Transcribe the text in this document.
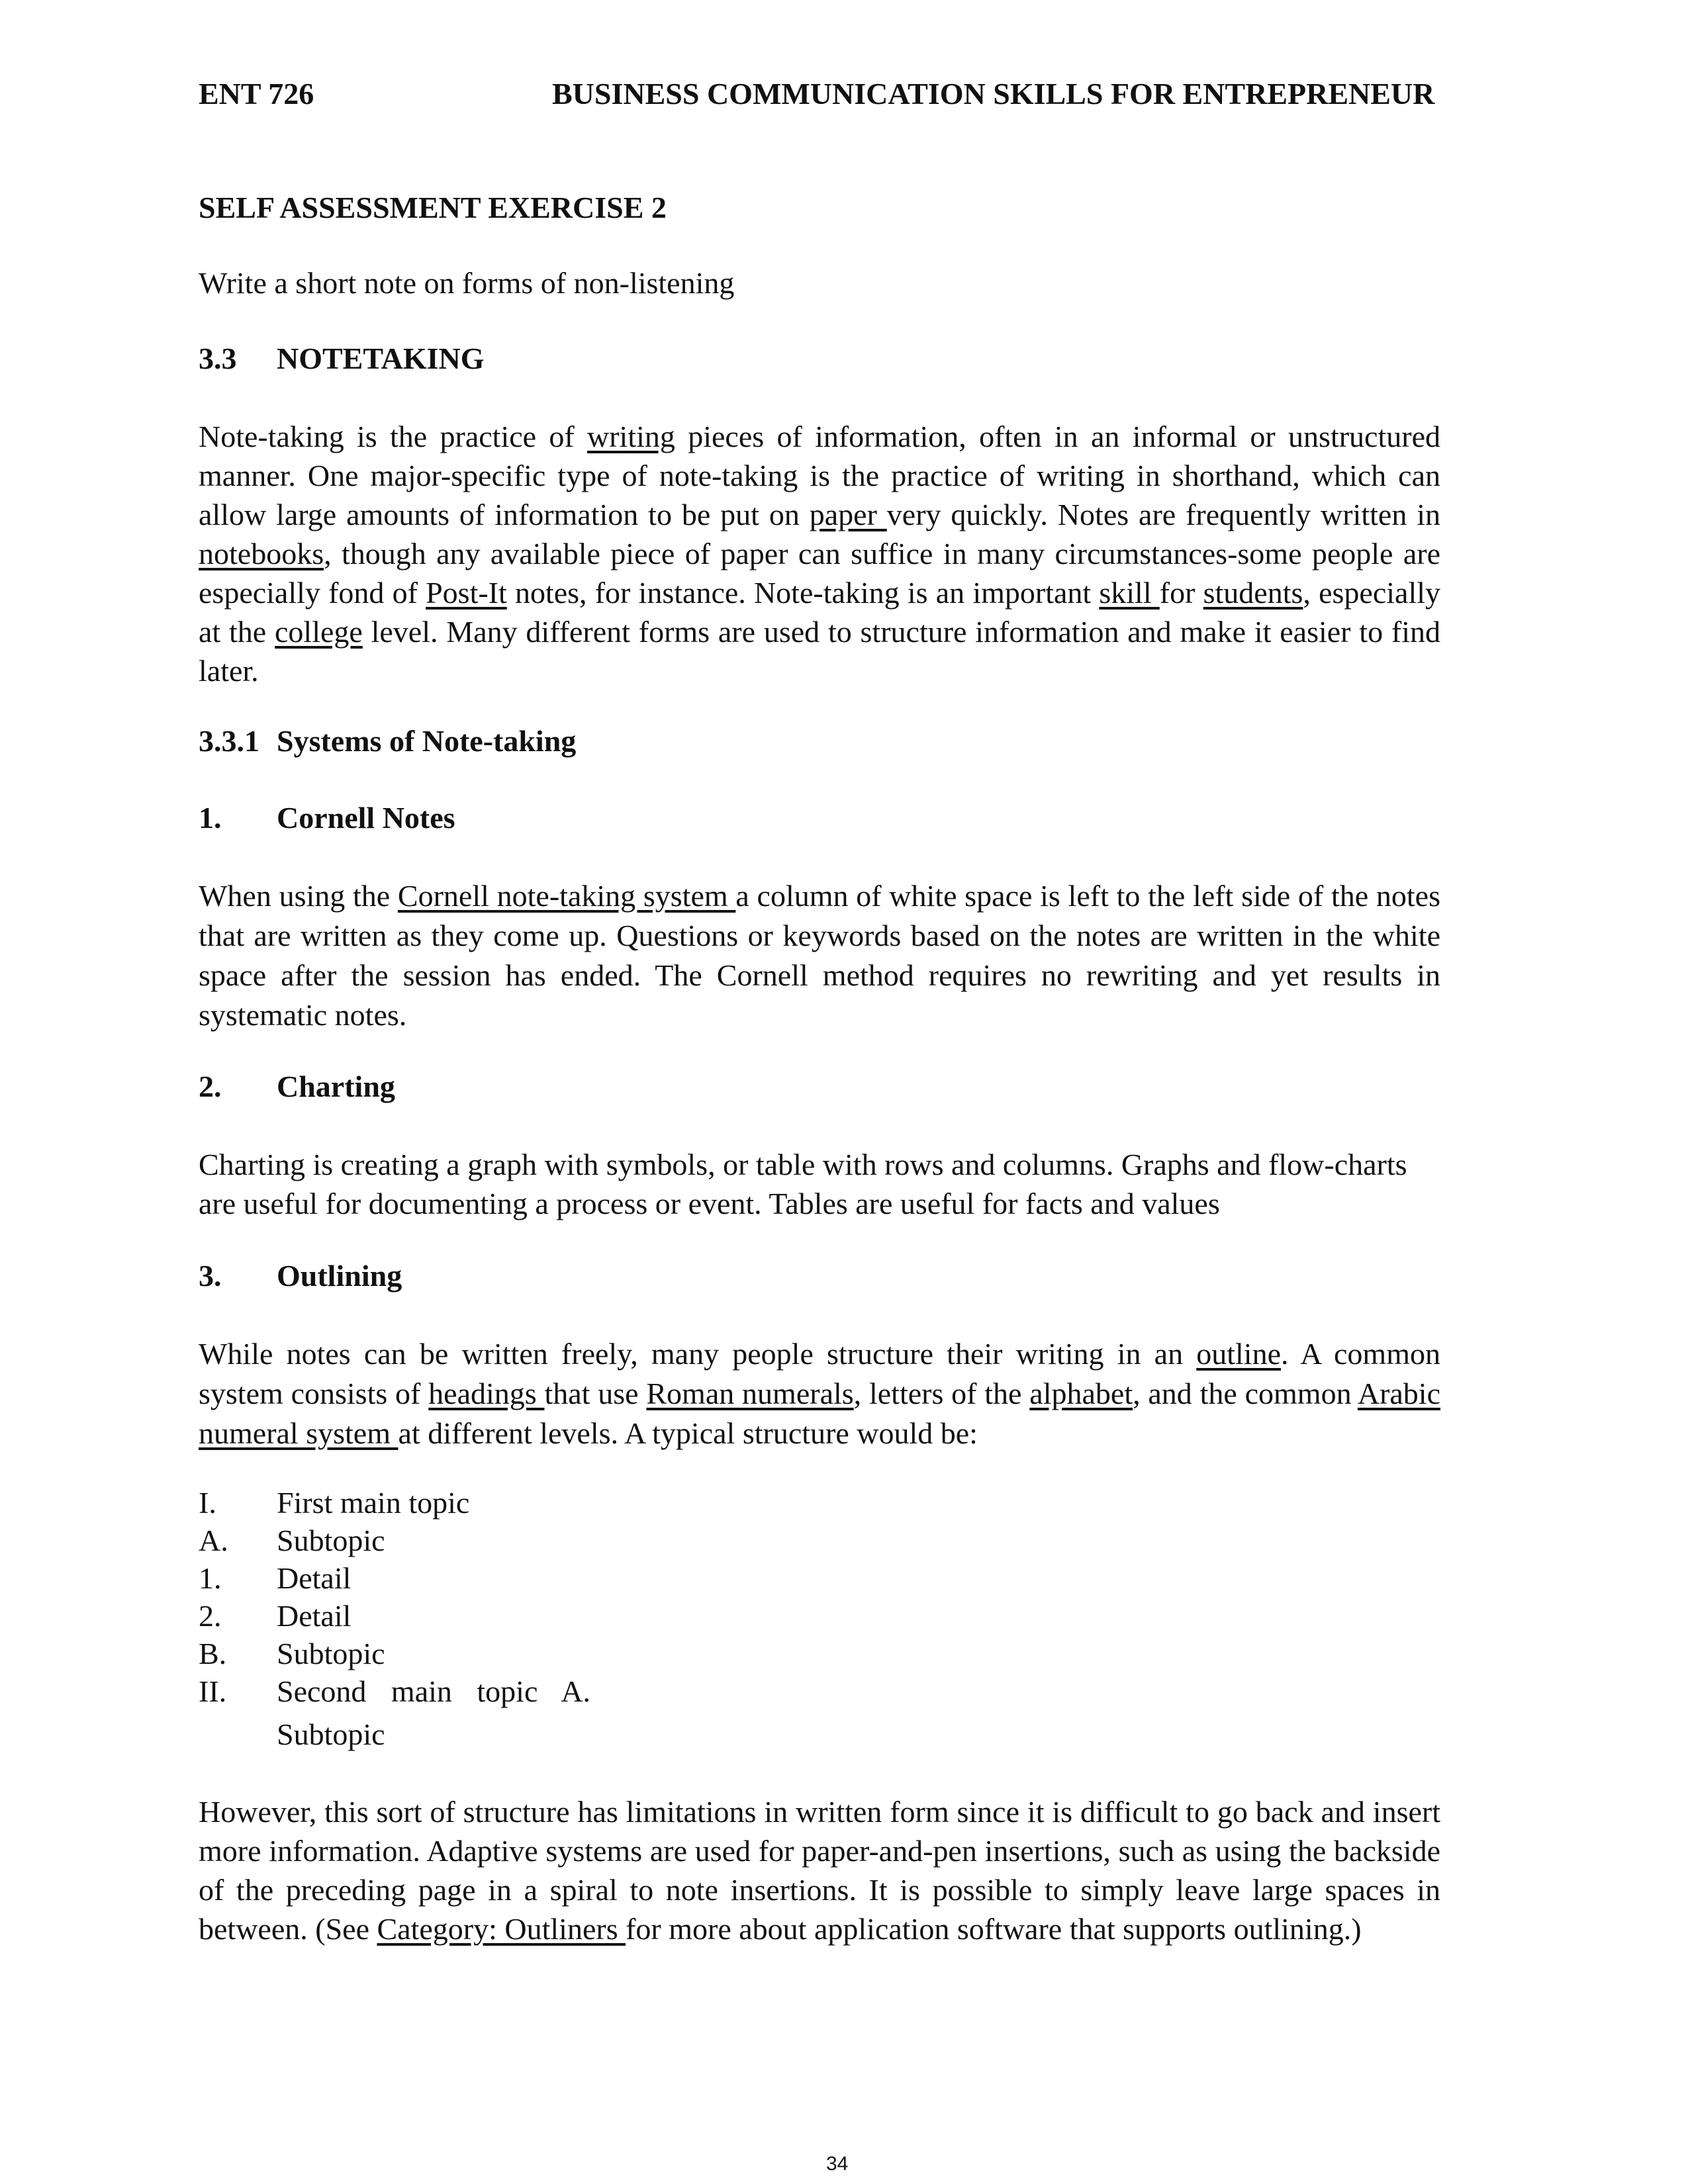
ENT 726	BUSINESS COMMUNICATION SKILLS FOR ENTREPRENEUR
SELF ASSESSMENT EXERCISE 2
Write a short note on forms of non-listening
3.3 NOTETAKING

Note-taking is the practice of writing pieces of information, often in an informal or unstructured manner. One major-specific type of note-taking is the practice of writing in shorthand, which can allow large amounts of information to be put on paper very quickly. Notes are frequently written in notebooks, though any available piece of paper can suffice in many circumstances-some people are especially fond of Post-It notes, for instance. Note-taking is an important skill for students, especially at the college level. Many different forms are used to structure information and make it easier to find later.

3.3.1 Systems of Note-taking
1. Cornell Notes

When using the Cornell note-taking system a column of white space is left to the left side of the notes that are written as they come up. Questions or keywords based on the notes are written in the white space after the session has ended. The Cornell method requires no rewriting and yet results in systematic notes.

2. Charting

Charting is creating a graph with symbols, or table with rows and columns. Graphs and flow-charts are useful for documenting a process or event. Tables are useful for facts and values

3. Outlining

While notes can be written freely, many people structure their writing in an outline. A common system consists of headings that use Roman numerals, letters of the alphabet, and the common Arabic numeral system at different levels. A typical structure would be:

I. First main topic
A. Subtopic
1. Detail
2. Detail
B. Subtopic
II. Second main topic A.
Subtopic

However, this sort of structure has limitations in written form since it is difficult to go back and insert more information. Adaptive systems are used for paper-and-pen insertions, such as using the backside of the preceding page in a spiral to note insertions. It is possible to simply leave large spaces in between. (See Category: Outliners for more about application software that supports outlining.)

34
